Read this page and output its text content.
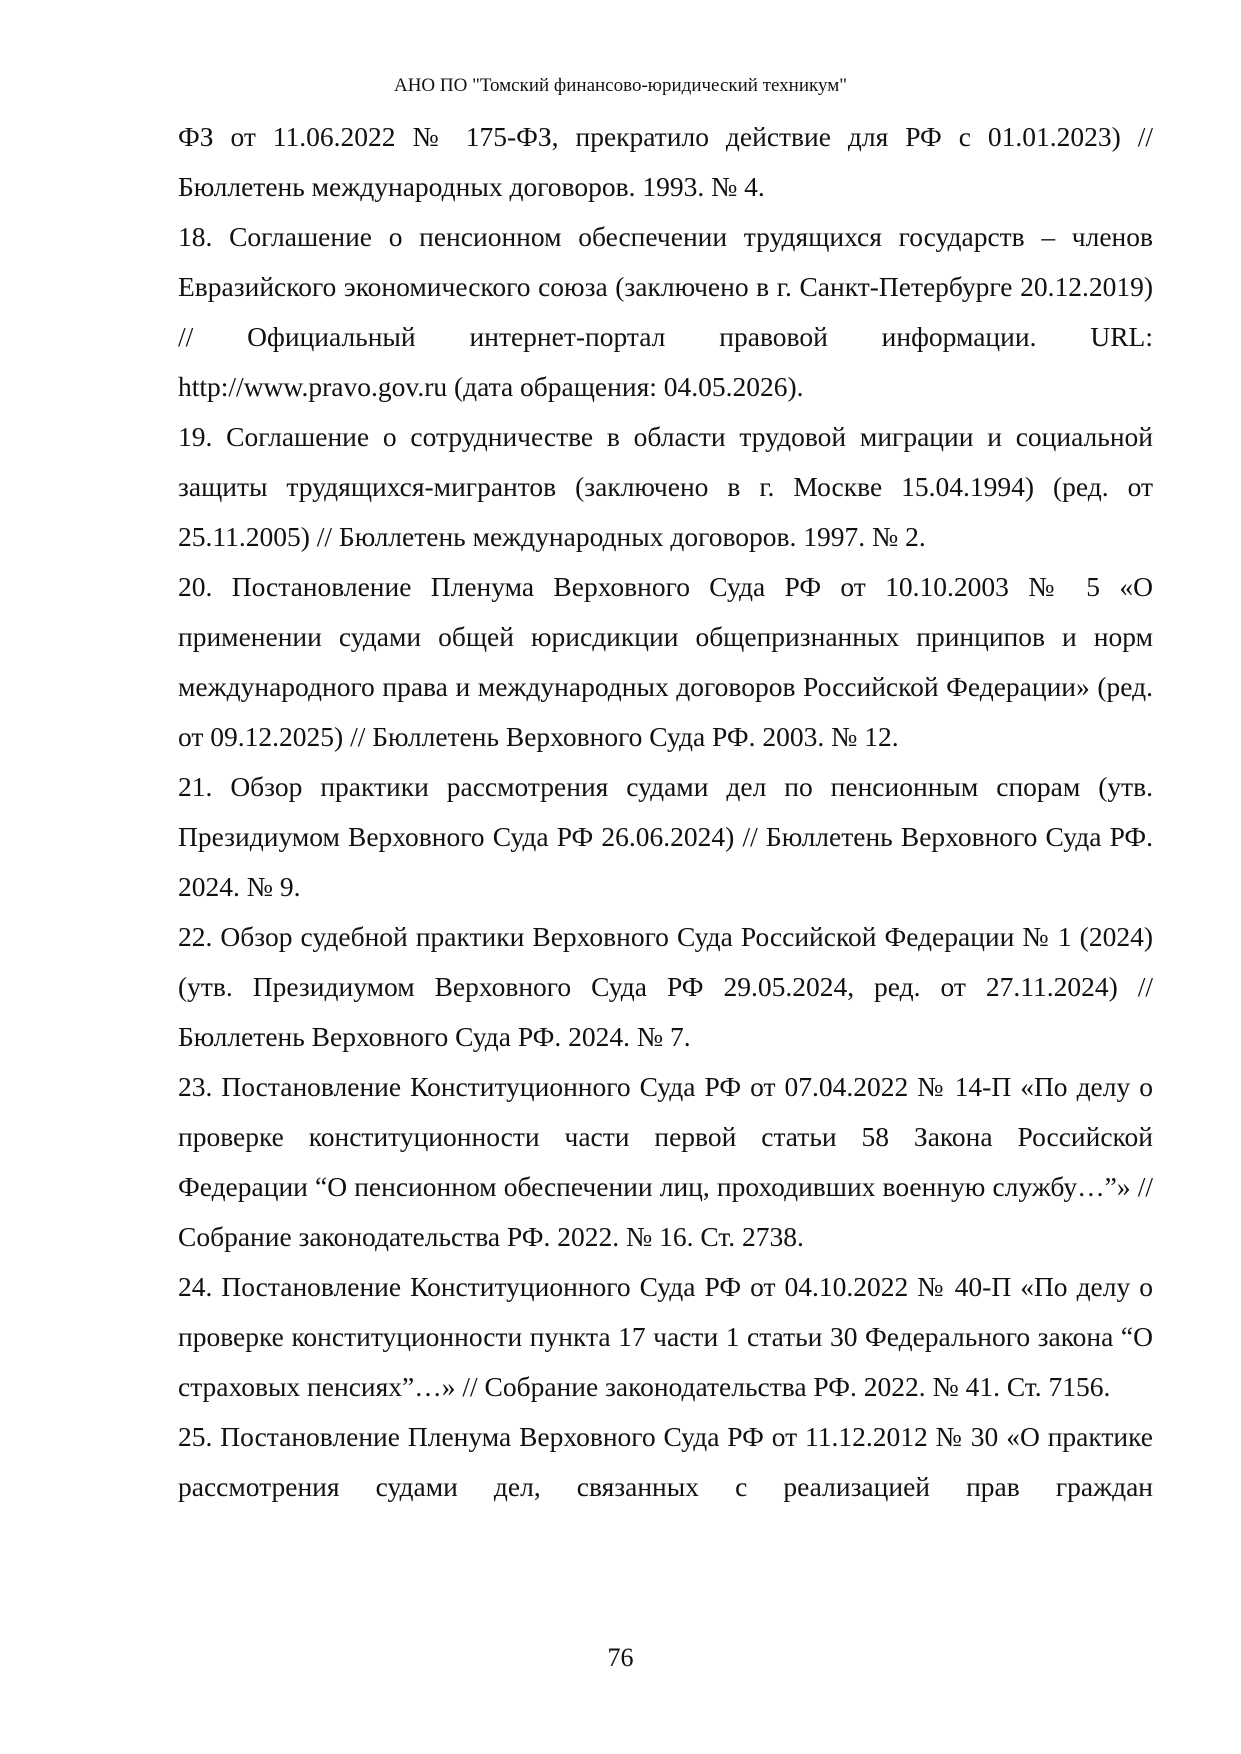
АНО ПО "Томский финансово-юридический техникум"

ФЗ от 11.06.2022 № 175-ФЗ, прекратило действие для РФ с 01.01.2023) // Бюллетень международных договоров. 1993. № 4.

18. Соглашение о пенсионном обеспечении трудящихся государств – членов Евразийского экономического союза (заключено в г. Санкт-Петербурге 20.12.2019) // Официальный интернет-портал правовой информации. URL: http://www.pravo.gov.ru (дата обращения: 04.05.2026).

19. Соглашение о сотрудничестве в области трудовой миграции и социальной защиты трудящихся-мигрантов (заключено в г. Москве 15.04.1994) (ред. от 25.11.2005) // Бюллетень международных договоров. 1997. № 2.

20. Постановление Пленума Верховного Суда РФ от 10.10.2003 № 5 «О применении судами общей юрисдикции общепризнанных принципов и норм международного права и международных договоров Российской Федерации» (ред. от 09.12.2025) // Бюллетень Верховного Суда РФ. 2003. № 12.

21. Обзор практики рассмотрения судами дел по пенсионным спорам (утв. Президиумом Верховного Суда РФ 26.06.2024) // Бюллетень Верховного Суда РФ. 2024. № 9.

22. Обзор судебной практики Верховного Суда Российской Федерации № 1 (2024) (утв. Президиумом Верховного Суда РФ 29.05.2024, ред. от 27.11.2024) // Бюллетень Верховного Суда РФ. 2024. № 7.

23. Постановление Конституционного Суда РФ от 07.04.2022 № 14-П «По делу о проверке конституционности части первой статьи 58 Закона Российской Федерации “О пенсионном обеспечении лиц, проходивших военную службу…”» // Собрание законодательства РФ. 2022. № 16. Ст. 2738.

24. Постановление Конституционного Суда РФ от 04.10.2022 № 40-П «По делу о проверке конституционности пункта 17 части 1 статьи 30 Федерального закона “О страховых пенсиях”…» // Собрание законодательства РФ. 2022. № 41. Ст. 7156.

25. Постановление Пленума Верховного Суда РФ от 11.12.2012 № 30 «О практике рассмотрения судами дел, связанных с реализацией прав граждан

76
